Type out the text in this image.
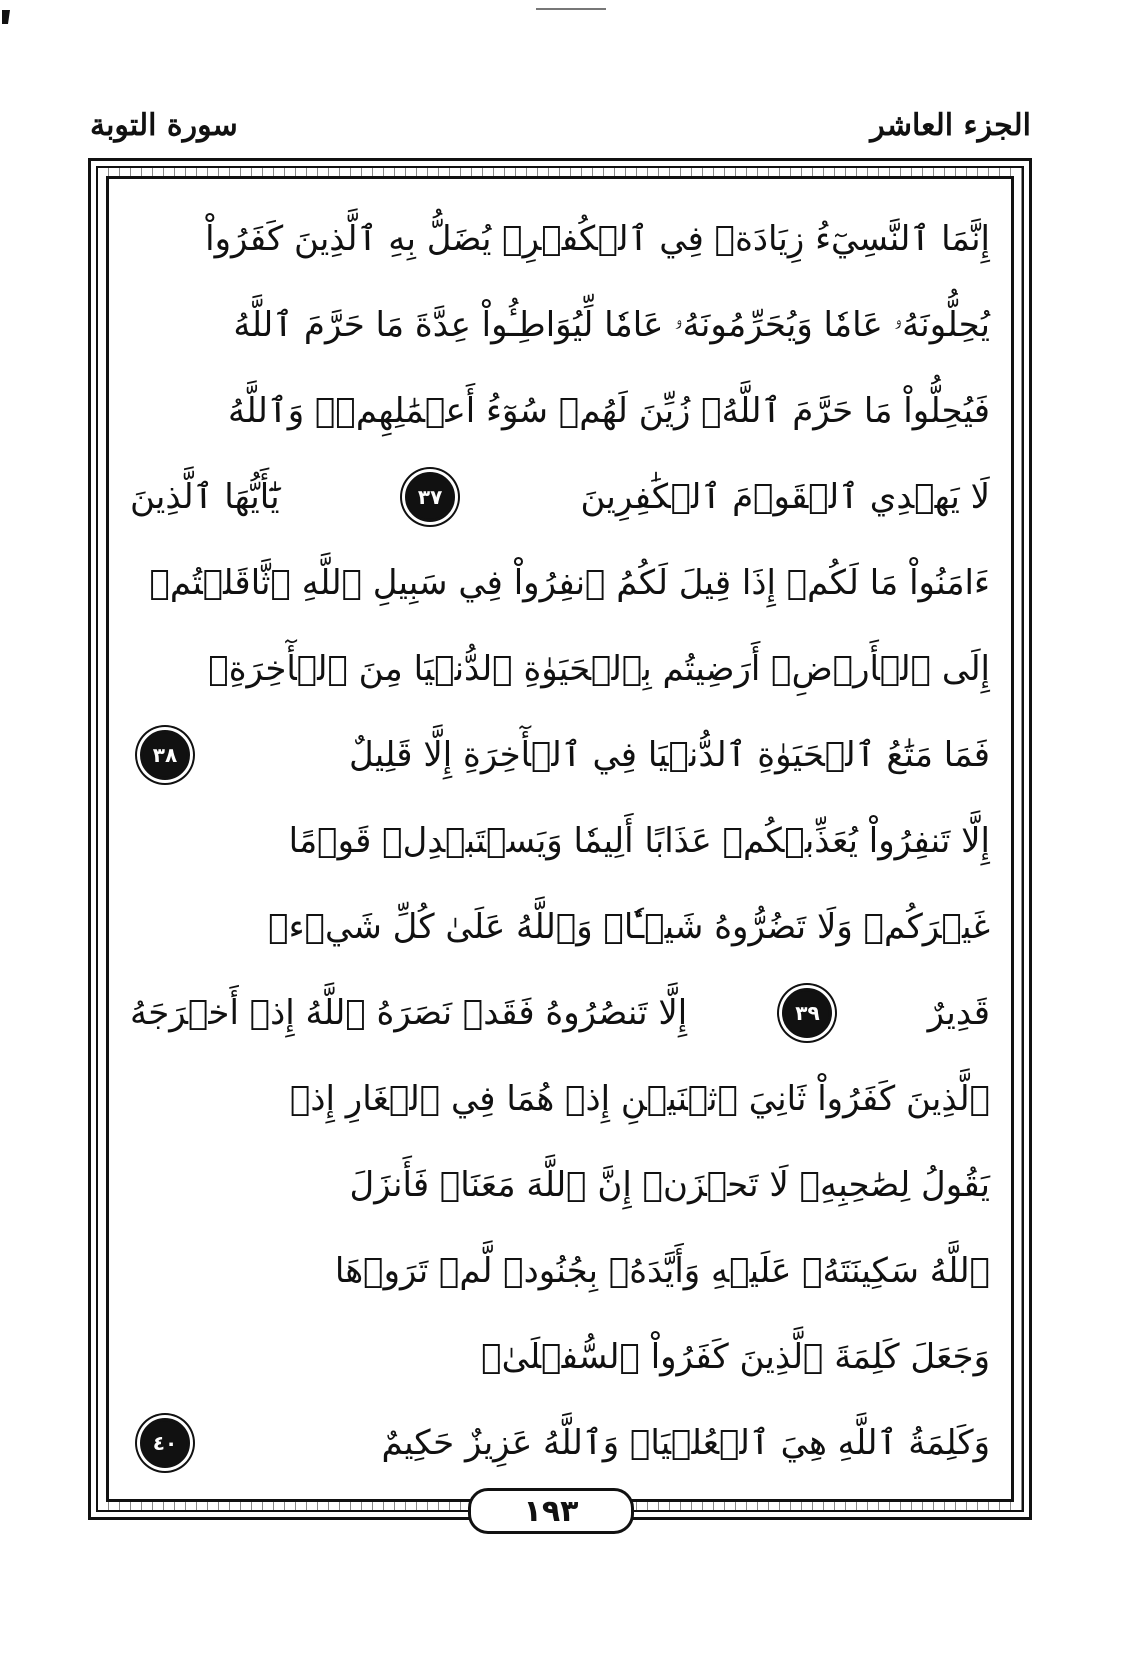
سورة التوبة	الجزء العاشر
إِنَّمَا ٱلنَّسِيٓءُ زِيَادَةٞ فِي ٱلۡكُفۡرِۖ يُضَلُّ بِهِ ٱلَّذِينَ كَفَرُواْ
يُحِلُّونَهُۥ عَامٗا وَيُحَرِّمُونَهُۥ عَامٗا لِّيُوَاطِـُٔواْ عِدَّةَ مَا حَرَّمَ ٱللَّهُ
فَيُحِلُّواْ مَا حَرَّمَ ٱللَّهُۚ زُيِّنَ لَهُمۡ سُوٓءُ أَعۡمَٰلِهِمۡۗ وَٱللَّهُ
لَا يَهۡدِي ٱلۡقَوۡمَ ٱلۡكَٰفِرِينَ
٣٧
يَٰٓأَيُّهَا ٱلَّذِينَ
ءَامَنُواْ مَا لَكُمۡ إِذَا قِيلَ لَكُمُ ٱنفِرُواْ فِي سَبِيلِ ٱللَّهِ ٱثَّاقَلۡتُمۡ
إِلَى ٱلۡأَرۡضِۚ أَرَضِيتُم بِٱلۡحَيَوٰةِ ٱلدُّنۡيَا مِنَ ٱلۡأٓخِرَةِۚ
فَمَا مَتَٰعُ ٱلۡحَيَوٰةِ ٱلدُّنۡيَا فِي ٱلۡأٓخِرَةِ إِلَّا قَلِيلٌ
٣٨
إِلَّا تَنفِرُواْ يُعَذِّبۡكُمۡ عَذَابًا أَلِيمٗا وَيَسۡتَبۡدِلۡ قَوۡمًا
غَيۡرَكُمۡ وَلَا تَضُرُّوهُ شَيۡـٔٗاۗ وَٱللَّهُ عَلَىٰ كُلِّ شَيۡءٖ
قَدِيرٌ
٣٩
إِلَّا تَنصُرُوهُ فَقَدۡ نَصَرَهُ ٱللَّهُ إِذۡ أَخۡرَجَهُ
ٱلَّذِينَ كَفَرُواْ ثَانِيَ ٱثۡنَيۡنِ إِذۡ هُمَا فِي ٱلۡغَارِ إِذۡ
يَقُولُ لِصَٰحِبِهِۦ لَا تَحۡزَنۡ إِنَّ ٱللَّهَ مَعَنَاۖ فَأَنزَلَ
ٱللَّهُ سَكِينَتَهُۥ عَلَيۡهِ وَأَيَّدَهُۥ بِجُنُودٖ لَّمۡ تَرَوۡهَا
وَجَعَلَ كَلِمَةَ ٱلَّذِينَ كَفَرُواْ ٱلسُّفۡلَىٰۗ
وَكَلِمَةُ ٱللَّهِ هِيَ ٱلۡعُلۡيَاۗ وَٱللَّهُ عَزِيزٌ حَكِيمٌ
٤٠
١٩٣
